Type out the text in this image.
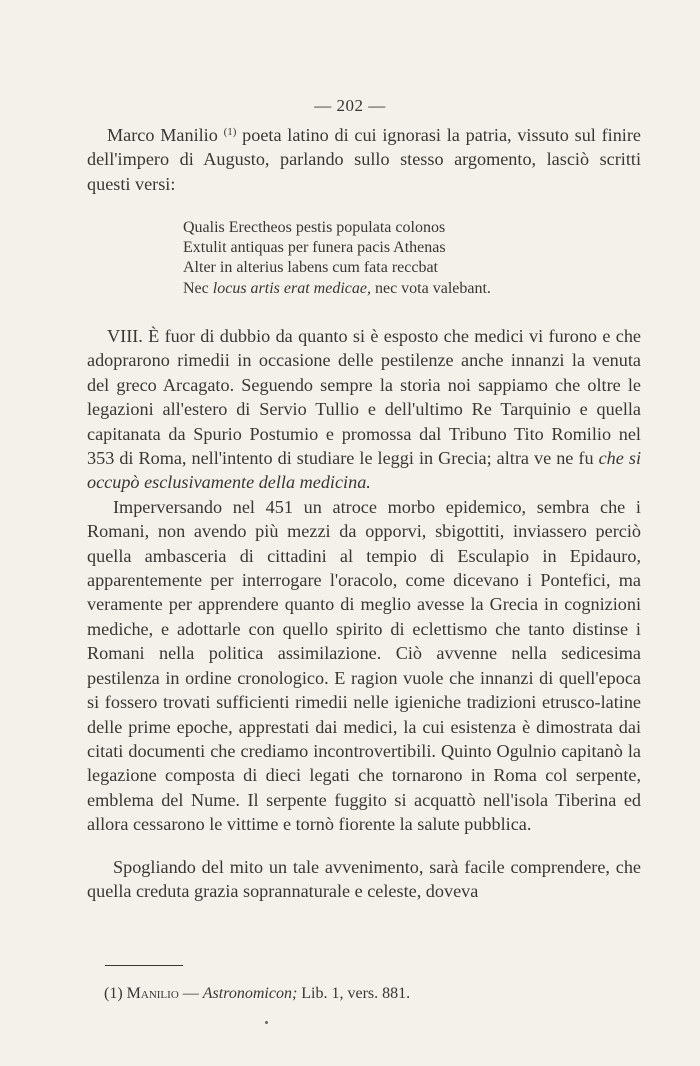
— 202 —
Marco Manilio $^{(1)}$ poeta latino di cui ignorasi la patria, vissuto sul finire dell'impero di Augusto, parlando sullo stesso argomento, lasciò scritti questi versi:
Qualis Erectheos pestis populata colonos
Extulit antiquas per funera pacis Athenas
Alter in alterius labens cum fata reccbat
Nec locus artis erat medicae, nec vota valebant.

VIII. È fuor di dubbio da quanto si è esposto che medici vi furono e che adoprarono rimedii in occasione delle pestilenze anche innanzi la venuta del greco Arcagato. Seguendo sempre la storia noi sappiamo che oltre le legazioni all'estero di Servio Tullio e dell'ultimo Re Tarquinio e quella capitanata da Spurio Postumio e promossa dal Tribuno Tito Romilio nel 353 di Roma, nell'intento di studiare le leggi in Grecia; altra ve ne fu che si occupò esclusivamente della medicina.

Imperversando nel 451 un atroce morbo epidemico, sembra che i Romani, non avendo più mezzi da opporvi, sbigottiti, inviassero perciò quella ambasceria di cittadini al tempio di Esculapio in Epidauro, apparentemente per interrogare l'oracolo, come dicevano i Pontefici, ma veramente per apprendere quanto di meglio avesse la Grecia in cognizioni mediche, e adottarle con quello spirito di eclettismo che tanto distinse i Romani nella politica assimilazione. Ciò avvenne nella sedicesima pestilenza in ordine cronologico. E ragion vuole che innanzi di quell'epoca si fossero trovati sufficienti rimedii nelle igieniche tradizioni etrusco-latine delle prime epoche, apprestati dai medici, la cui esistenza è dimostrata dai citati documenti che crediamo incontrovertibili. Quinto Ogulnio capitanò la legazione composta di dieci legati che tornarono in Roma col serpente, emblema del Nume. Il serpente fuggito si acquattò nell'isola Tiberina ed allora cessarono le vittime e tornò fiorente la salute pubblica.

Spogliando del mito un tale avvenimento, sarà facile comprendere, che quella creduta grazia soprannaturale e celeste, doveva

(1) Manilio — Astronomicon; Lib. 1, vers. 881.
